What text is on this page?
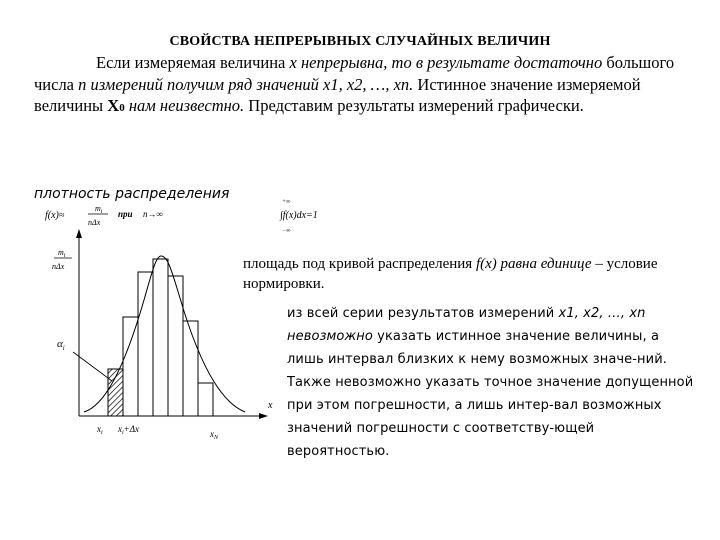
СВОЙСТВА НЕПРЕРЫВНЫХ СЛУЧАЙНЫХ ВЕЛИЧИН

Если измеряемая величина x непрерывна, то в результате достаточно большого числа n измерений получим ряд значений x1, x2, …, xn. Истинное значение измеряемой величины X0 нам неизвестно. Представим результаты измерений графически.

плотность распределения
f(x)≈
$m_i$
nΔx
при n→∞
+∞
∫f(x)dx=1
−∞
$m_i$
nΔx
x
$\alpha_i$
$x_i$ $x_i+\Delta x$	$x_N$
площадь под кривой распределения f(x) равна единице – условие нормировки.
из всей серии результатов измерений x1, x2, …, xn невозможно указать истинное значение величины, а лишь интервал близких к нему возможных значе-ний. Также невозможно указать точное значение допущенной при этом погрешности, а лишь интер-вал возможных значений погрешности с соответству-ющей вероятностью.
